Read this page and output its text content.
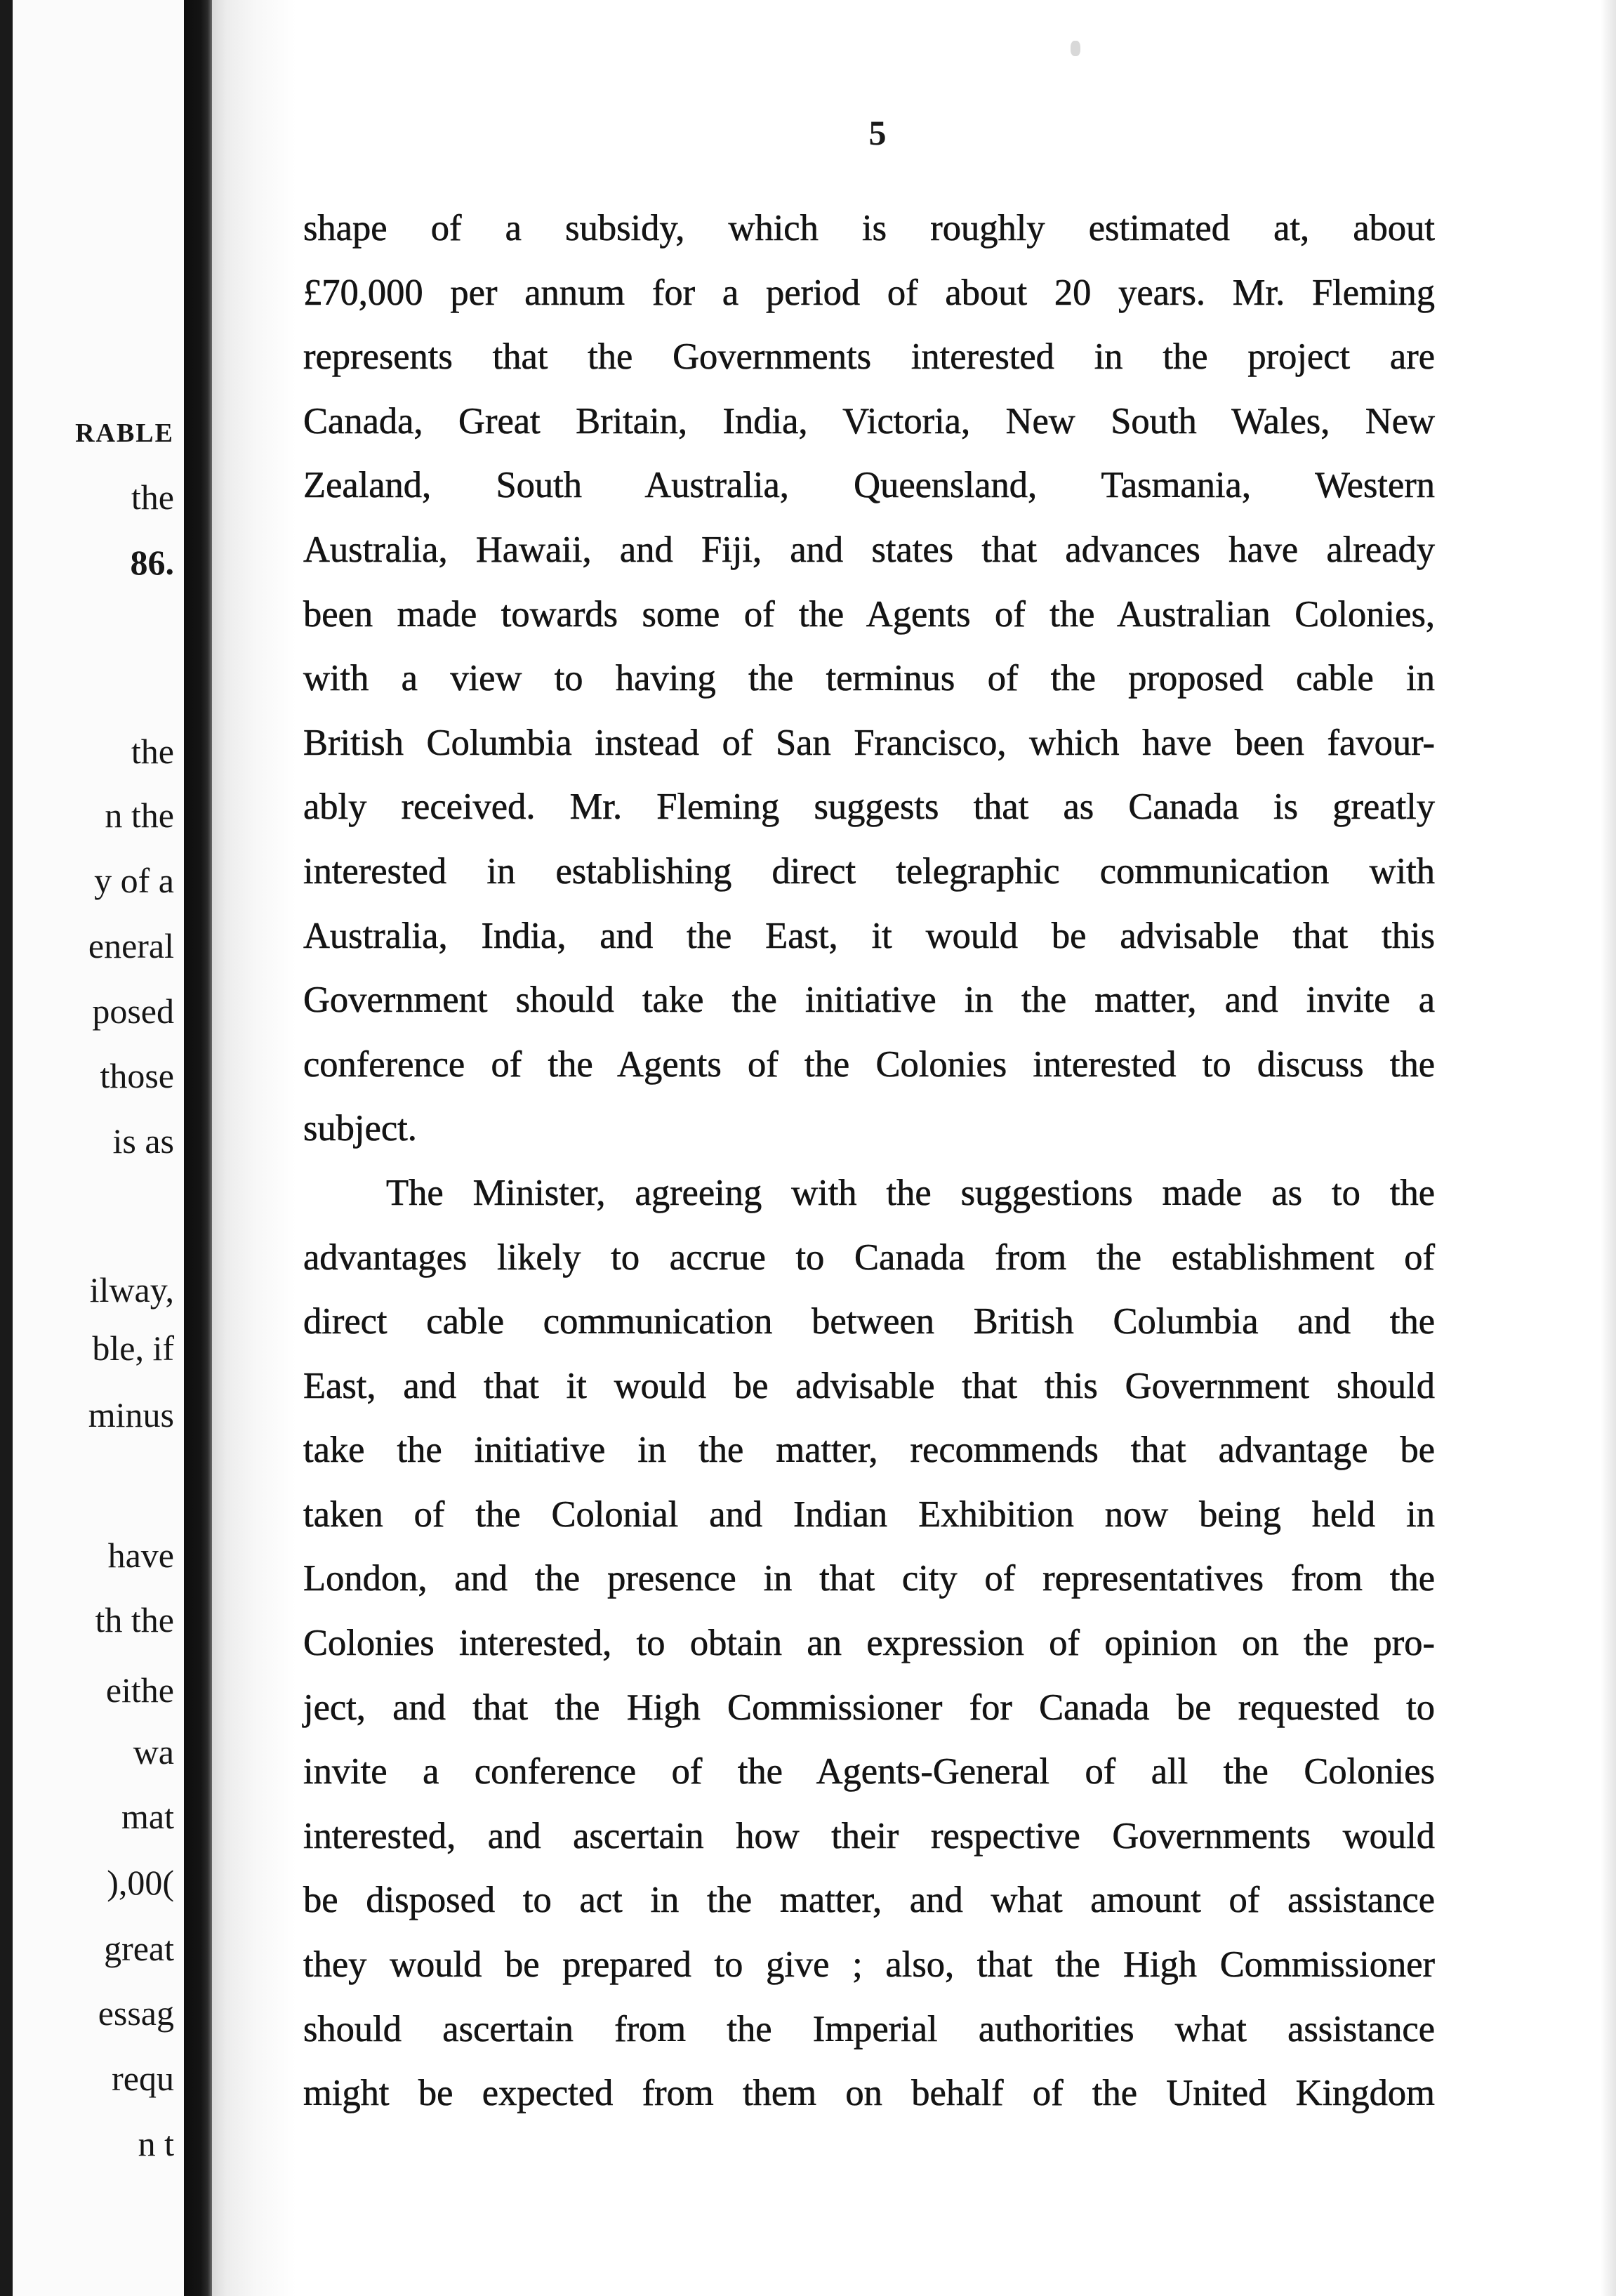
RABLE
the
86.
the
n the
y of a
eneral
posed
those
is as
ilway,
ble, if
minus
have
th the
eithe
wa
mat
),00(
great
essag
requ
n t
5
shape of a subsidy, which is roughly estimated at, about
£70,000 per annum for a period of about 20 years. Mr. Fleming
represents that the Governments interested in the project are
Canada, Great Britain, India, Victoria, New South Wales, New
Zealand, South Australia, Queensland, Tasmania, Western
Australia, Hawaii, and Fiji, and states that advances have already
been made towards some of the Agents of the Australian Colonies,
with a view to having the terminus of the proposed cable in
British Columbia instead of San Francisco, which have been favour-
ably received. Mr. Fleming suggests that as Canada is greatly
interested in establishing direct telegraphic communication with
Australia, India, and the East, it would be advisable that this
Government should take the initiative in the matter, and invite a
conference of the Agents of the Colonies interested to discuss the
subject.
The Minister, agreeing with the suggestions made as to the
advantages likely to accrue to Canada from the establishment of
direct cable communication between British Columbia and the
East, and that it would be advisable that this Government should
take the initiative in the matter, recommends that advantage be
taken of the Colonial and Indian Exhibition now being held in
London, and the presence in that city of representatives from the
Colonies interested, to obtain an expression of opinion on the pro-
ject, and that the High Commissioner for Canada be requested to
invite a conference of the Agents-General of all the Colonies
interested, and ascertain how their respective Governments would
be disposed to act in the matter, and what amount of assistance
they would be prepared to give ; also, that the High Commissioner
should ascertain from the Imperial authorities what assistance
might be expected from them on behalf of the United Kingdom
